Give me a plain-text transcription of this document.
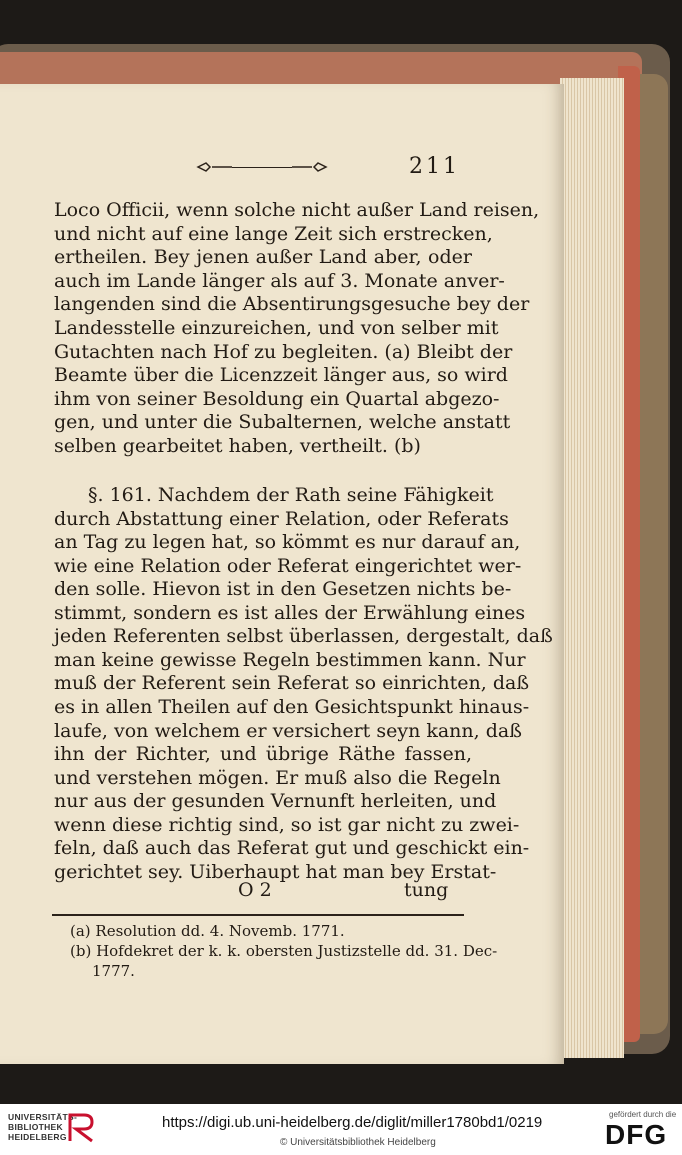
211
Loco Officii, wenn solche nicht außer Land reisen,
und nicht auf eine lange Zeit sich erstrecken,
ertheilen. Bey jenen außer Land aber, oder
auch im Lande länger als auf 3. Monate anver-
langenden sind die Absentirungsgesuche bey der
Landesstelle einzureichen, und von selber mit
Gutachten nach Hof zu begleiten. (a) Bleibt der
Beamte über die Licenzzeit länger aus, so wird
ihm von seiner Besoldung ein Quartal abgezo-
gen, und unter die Subalternen, welche anstatt
selben gearbeitet haben, vertheilt. (b)
§. 161. Nachdem der Rath seine Fähigkeit
durch Abstattung einer Relation, oder Referats
an Tag zu legen hat, so kömmt es nur darauf an,
wie eine Relation oder Referat eingerichtet wer-
den solle. Hievon ist in den Gesetzen nichts be-
stimmt, sondern es ist alles der Erwählung eines
jeden Referenten selbst überlassen, dergestalt, daß
man keine gewisse Regeln bestimmen kann. Nur
muß der Referent sein Referat so einrichten, daß
es in allen Theilen auf den Gesichtspunkt hinaus-
laufe, von welchem er versichert seyn kann, daß
ihn der Richter, und übrige Räthe fassen,
und verstehen mögen. Er muß also die Regeln
nur aus der gesunden Vernunft herleiten, und
wenn diese richtig sind, so ist gar nicht zu zwei-
feln, daß auch das Referat gut und geschickt ein-
gerichtet sey. Uiberhaupt hat man bey Erstat-
O 2	tung
(a) Resolution dd. 4. Novemb. 1771.
(b) Hofdekret der k. k. obersten Justizstelle dd. 31. Dec-
1777.
UNIVERSITÄTS-
BIBLIOTHEK
HEIDELBERG
https://digi.ub.uni-heidelberg.de/diglit/miller1780bd1/0219
© Universitätsbibliothek Heidelberg
gefördert durch die
DFG
